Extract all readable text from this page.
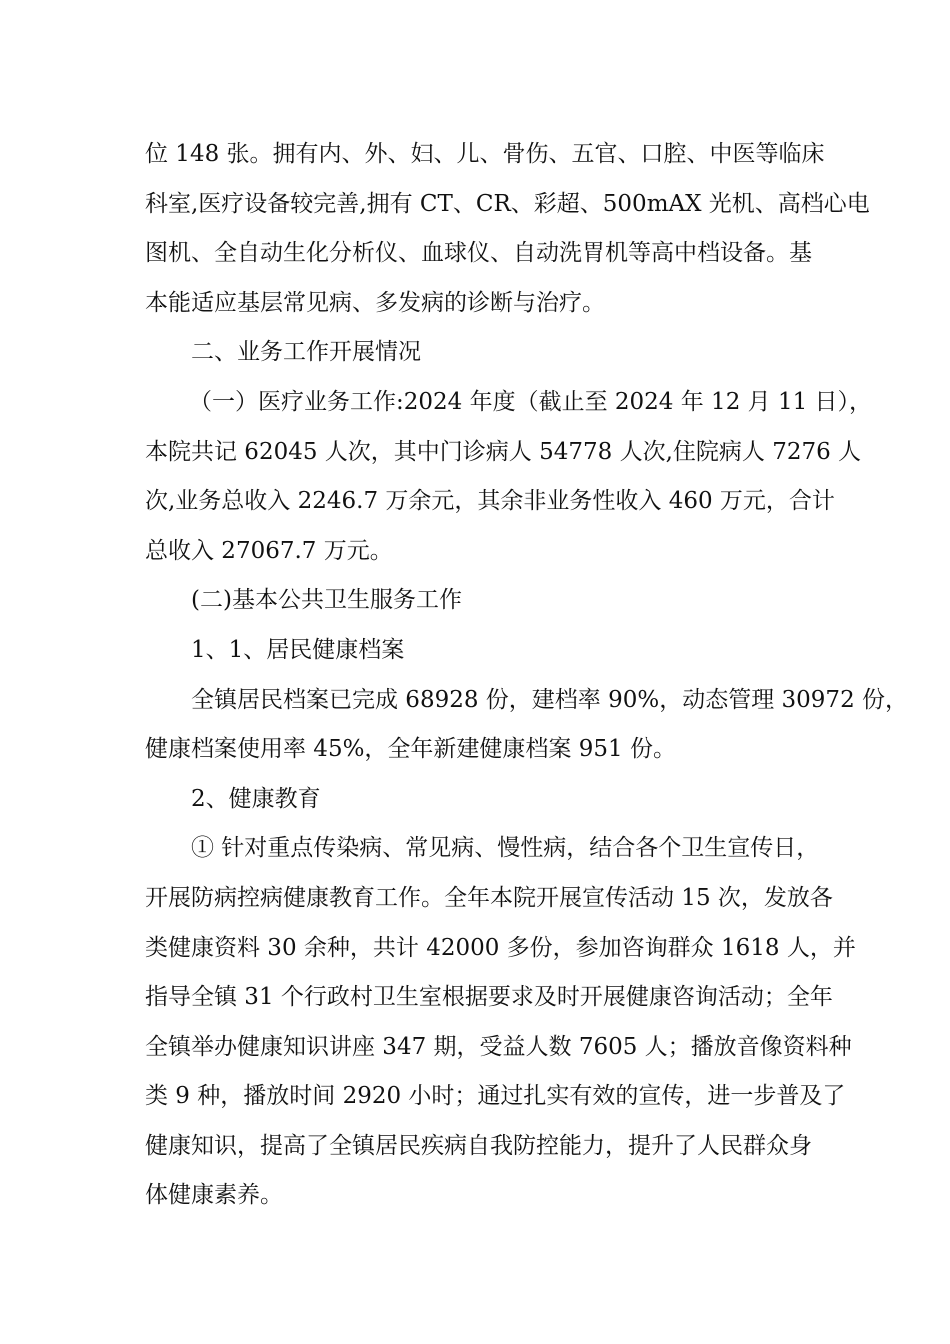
位 148 张。拥有内、外、妇、儿、骨伤、五官、口腔、中医等临床
科室,医疗设备较完善,拥有 CT、CR、彩超、500mAX 光机、高档心电
图机、全自动生化分析仪、血球仪、自动洗胃机等高中档设备。基
本能适应基层常见病、多发病的诊断与治疗。
二、业务工作开展情况
（一）医疗业务工作:2024 年度（截止至 2024 年 12 月 11 日），
本院共记 62045 人次，其中门诊病人 54778 人次,住院病人 7276 人
次,业务总收入 2246.7 万余元，其余非业务性收入 460 万元，合计
总收入 27067.7 万元。
(二)基本公共卫生服务工作
1、1、居民健康档案
全镇居民档案已完成 68928 份，建档率 90%，动态管理 30972 份，
健康档案使用率 45%，全年新建健康档案 951 份。
2、健康教育
① 针对重点传染病、常见病、慢性病，结合各个卫生宣传日，
开展防病控病健康教育工作。全年本院开展宣传活动 15 次，发放各
类健康资料 30 余种，共计 42000 多份，参加咨询群众 1618 人，并
指导全镇 31 个行政村卫生室根据要求及时开展健康咨询活动；全年
全镇举办健康知识讲座 347 期，受益人数 7605 人；播放音像资料种
类 9 种，播放时间 2920 小时；通过扎实有效的宣传，进一步普及了
健康知识，提高了全镇居民疾病自我防控能力，提升了人民群众身
体健康素养。
